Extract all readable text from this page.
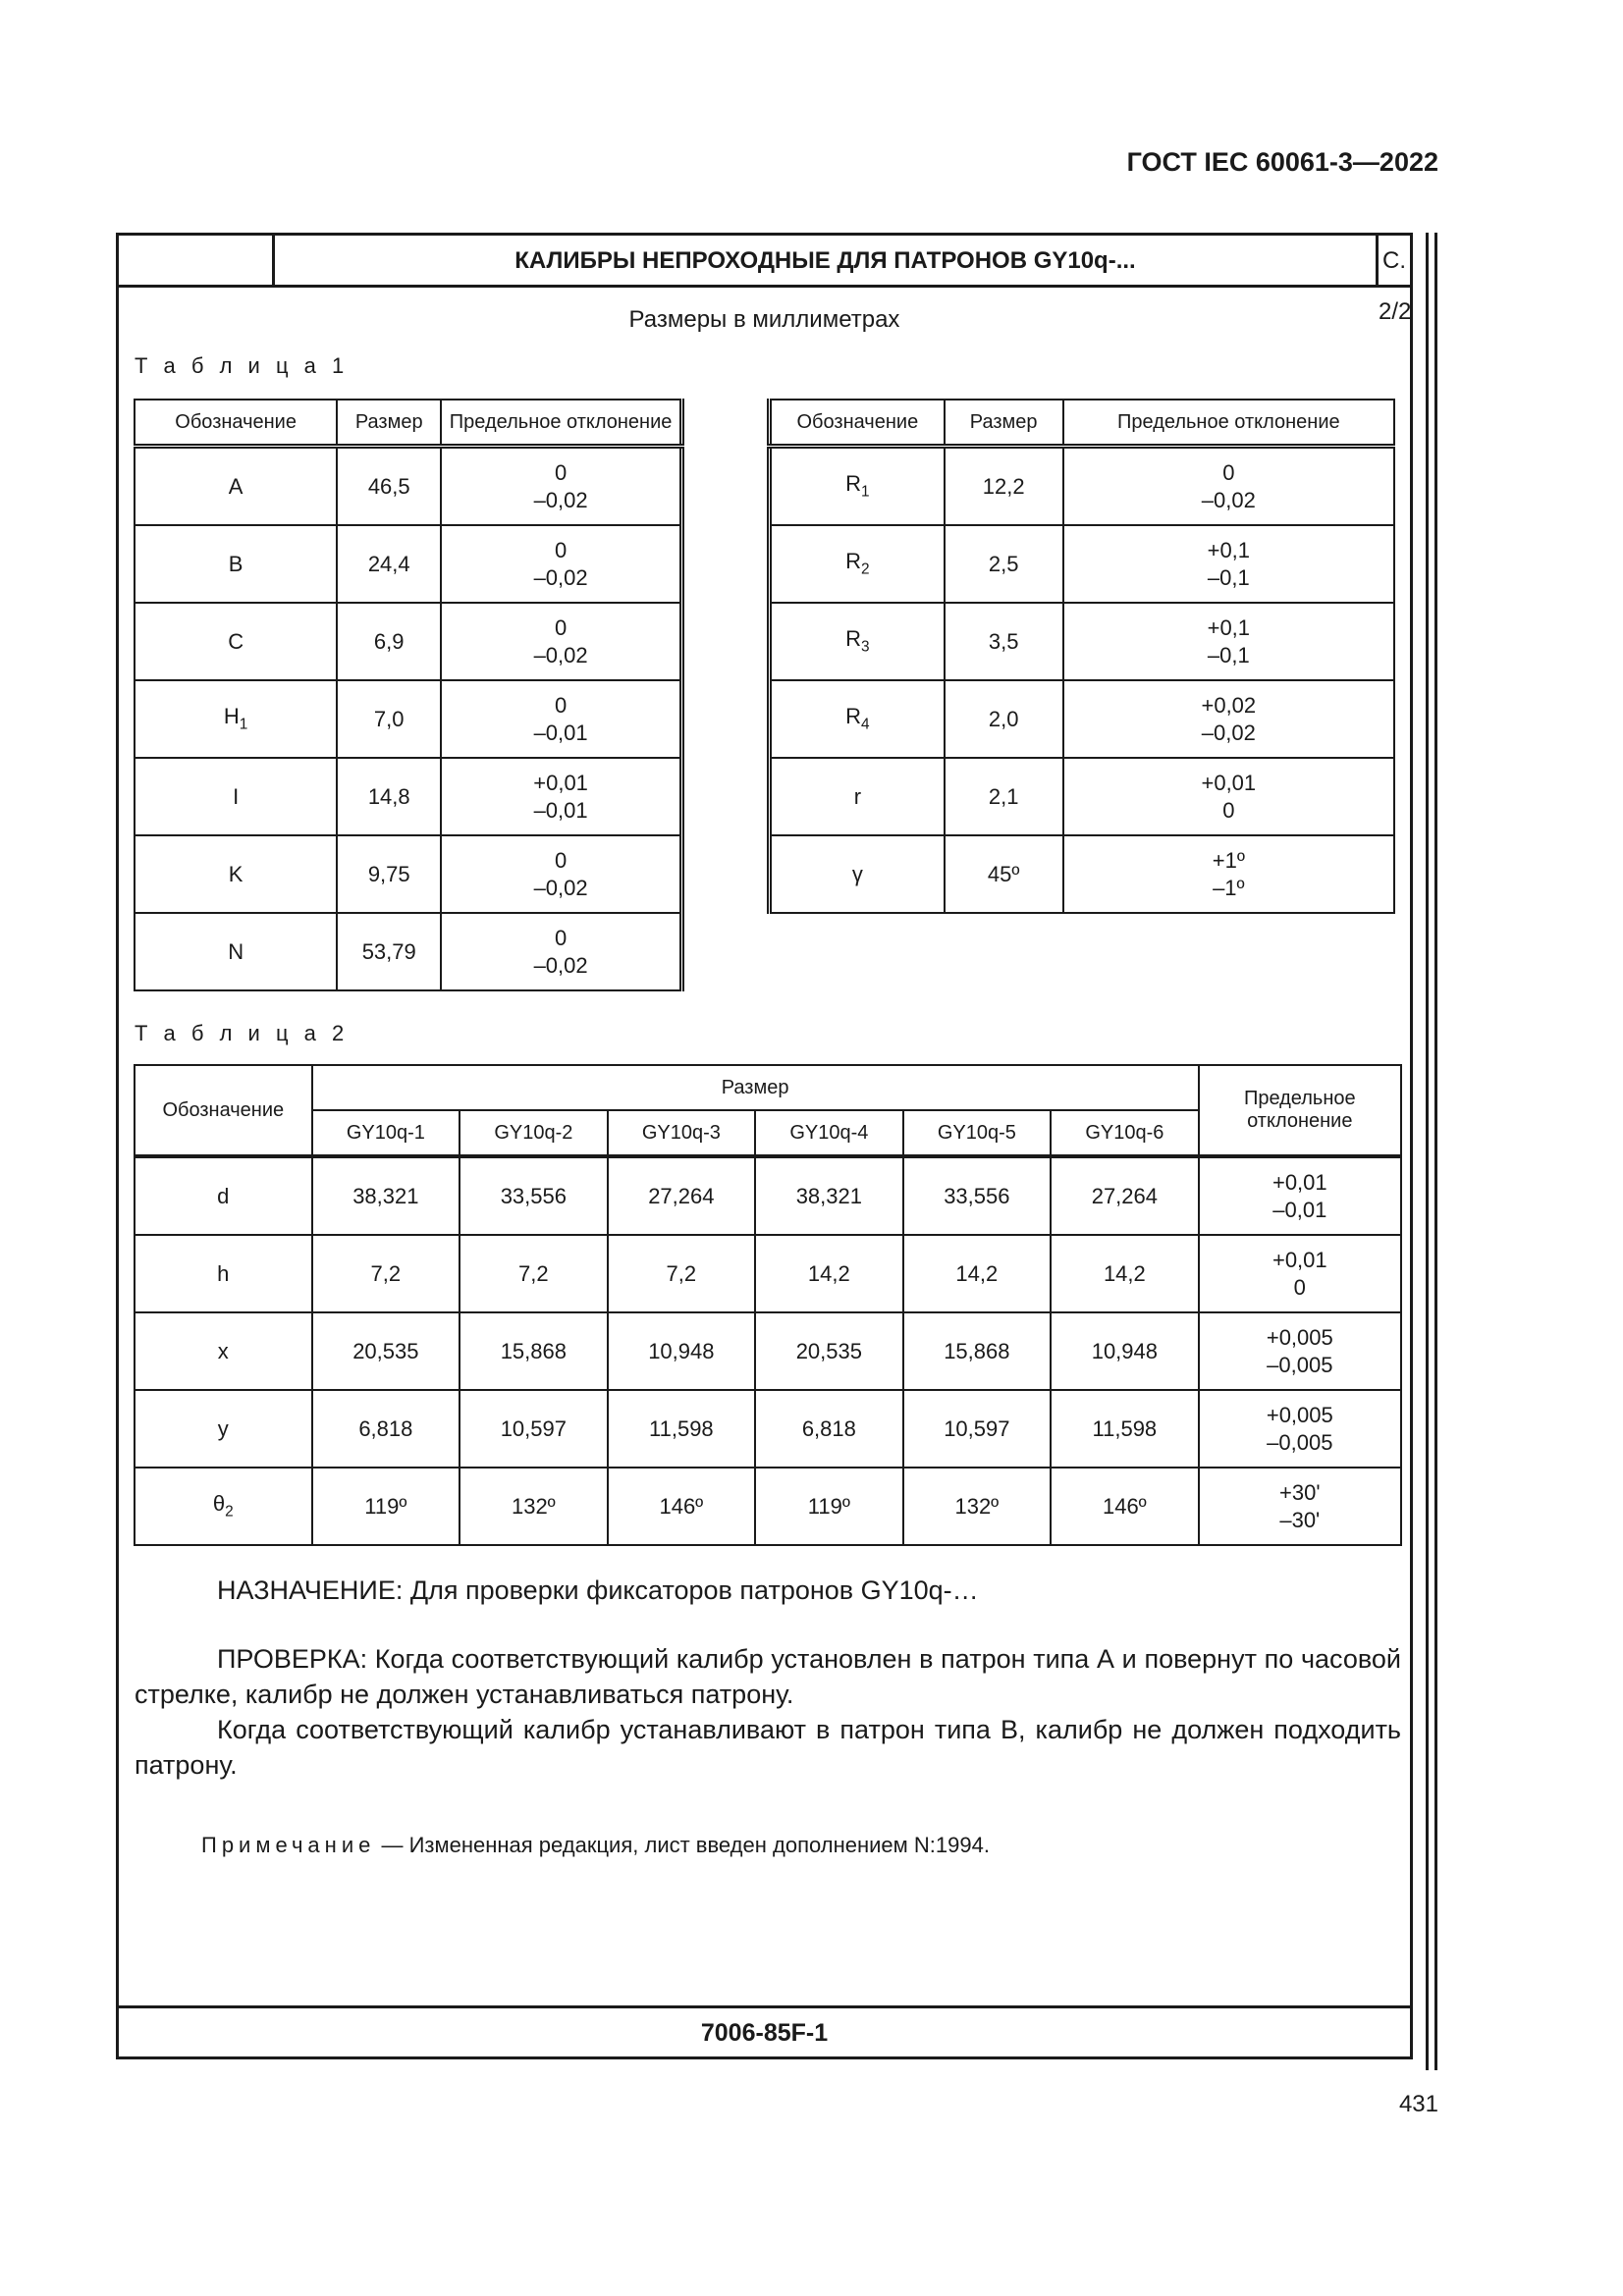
ГОСТ IEC 60061-3—2022
КАЛИБРЫ НЕПРОХОДНЫЕ ДЛЯ ПАТРОНОВ GY10q-...	С. 2/2
Размеры в миллиметрах
Т а б л и ц а 1
Обозначение	Размер	Предельное отклонение
A	46,5	0
–0,02

B	24,4	0
–0,02

C	6,9	0
–0,02

$H_1$	7,0	0
–0,01

I	14,8	+0,01
–0,01

K	9,75	0
–0,02

N	53,79	0
–0,02
Обозначение	Размер	Предельное отклонение
$R_1$	12,2	0
–0,02

$R_2$	2,5	+0,1
–0,1

$R_3$	3,5	+0,1
–0,1

$R_4$	2,0	+0,02
–0,02

r	2,1	+0,01
0

γ	45º	+1º
–1º
Т а б л и ц а 2
Обозначение	Размер						Предельное отклонение
	GY10q-1	GY10q-2	GY10q-3	GY10q-4	GY10q-5	GY10q-6	
d	38,321	33,556	27,264	38,321	33,556	27,264	+0,01
–0,01

h	7,2	7,2	7,2	14,2	14,2	14,2	+0,01
0

x	20,535	15,868	10,948	20,535	15,868	10,948	+0,005
–0,005

y	6,818	10,597	11,598	6,818	10,597	11,598	+0,005
–0,005

$\theta_2$	119º	132º	146º	119º	132º	146º	+30'
–30'

НАЗНАЧЕНИЕ: Для проверки фиксаторов патронов GY10q-…

ПРОВЕРКА: Когда соответствующий калибр установлен в патрон типа А и повернут по часовой стрелке, калибр не должен устанавливаться патрону.

Когда соответствующий калибр устанавливают в патрон типа В, калибр не должен подходить патрону.

Примечание — Измененная редакция, лист введен дополнением N:1994.
7006-85F-1
431
